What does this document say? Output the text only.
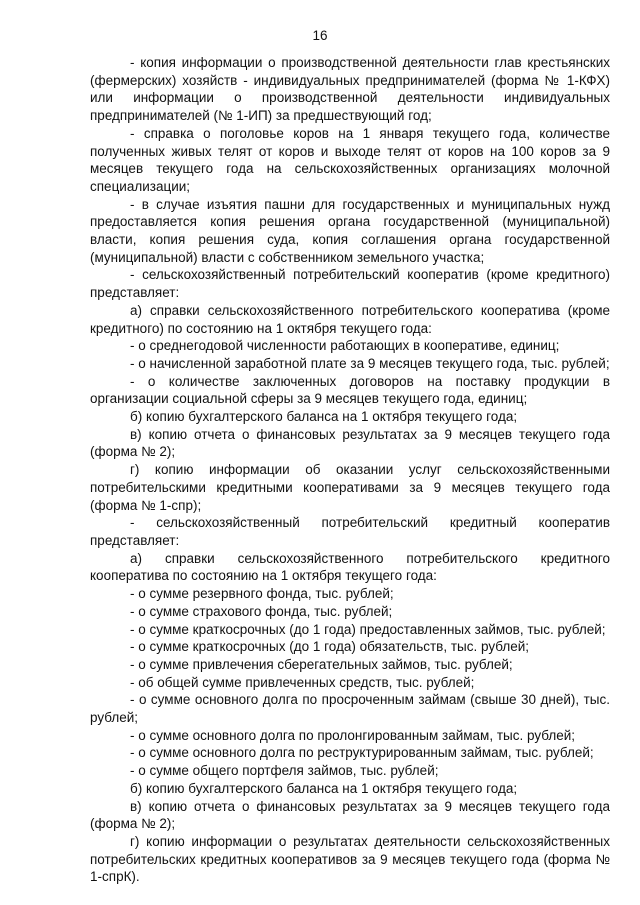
16

- копия информации о производственной деятельности глав крестьянских (фермерских) хозяйств - индивидуальных предпринимателей (форма № 1-КФХ) или информации о производственной деятельности индивидуальных предпринимателей (№ 1-ИП) за предшествующий год;

- справка о поголовье коров на 1 января текущего года, количестве полученных живых телят от коров и выходе телят от коров на 100 коров за 9 месяцев текущего года на сельскохозяйственных организациях молочной специализации;

- в случае изъятия пашни для государственных и муниципальных нужд предоставляется копия решения органа государственной (муниципальной) власти, копия решения суда, копия соглашения органа государственной (муниципальной) власти с собственником земельного участка;

- сельскохозяйственный потребительский кооператив (кроме кредитного) представляет:

а) справки сельскохозяйственного потребительского кооператива (кроме кредитного) по состоянию на 1 октября текущего года:

- о среднегодовой численности работающих в кооперативе, единиц;

- о начисленной заработной плате за 9 месяцев текущего года, тыс. рублей;

- о количестве заключенных договоров на поставку продукции в организации социальной сферы за 9 месяцев текущего года, единиц;

б) копию бухгалтерского баланса на 1 октября текущего года;

в) копию отчета о финансовых результатах за 9 месяцев текущего года (форма № 2);

г) копию информации об оказании услуг сельскохозяйственными потребительскими кредитными кооперативами за 9 месяцев текущего года (форма № 1-спр);

- сельскохозяйственный потребительский кредитный кооператив представляет:

а) справки сельскохозяйственного потребительского кредитного кооператива по состоянию на 1 октября текущего года:

- о сумме резервного фонда, тыс. рублей;

- о сумме страхового фонда, тыс. рублей;

- о сумме краткосрочных (до 1 года) предоставленных займов, тыс. рублей;

- о сумме краткосрочных (до 1 года) обязательств, тыс. рублей;

- о сумме привлечения сберегательных займов, тыс. рублей;

- об общей сумме привлеченных средств, тыс. рублей;

- о сумме основного долга по просроченным займам (свыше 30 дней), тыс. рублей;

- о сумме основного долга по пролонгированным займам, тыс. рублей;

- о сумме основного долга по реструктурированным займам, тыс. рублей;

- о сумме общего портфеля займов, тыс. рублей;

б) копию бухгалтерского баланса на 1 октября текущего года;

в) копию отчета о финансовых результатах за 9 месяцев текущего года (форма № 2);

г) копию информации о результатах деятельности сельскохозяйственных потребительских кредитных кооперативов за 9 месяцев текущего года (форма № 1-спрК).
